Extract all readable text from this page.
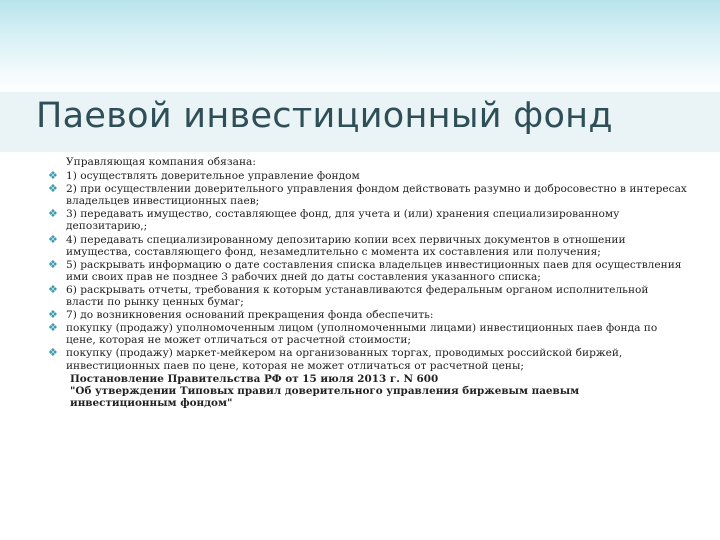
Паевой инвестиционный фонд
Управляющая компания обязана:
❖ 1) осуществлять доверительное управление фондом
❖ 2) при осуществлении доверительного управления фондом действовать разумно и добросовестно в интересах владельцев инвестиционных паев;
❖ 3) передавать имущество, составляющее фонд, для учета и (или) хранения специализированному депозитарию,;
❖ 4) передавать специализированному депозитарию копии всех первичных документов в отношении имущества, составляющего фонд, незамедлительно с момента их составления или получения;
❖ 5) раскрывать информацию о дате составления списка владельцев инвестиционных паев для осуществления ими своих прав не позднее 3 рабочих дней до даты составления указанного списка;
❖ 6) раскрывать отчеты, требования к которым устанавливаются федеральным органом исполнительной власти по рынку ценных бумаг;
❖ 7) до возникновения оснований прекращения фонда обеспечить:
❖ покупку (продажу) уполномоченным лицом (уполномоченными лицами) инвестиционных паев фонда по цене, которая не может отличаться от расчетной стоимости;
❖ покупку (продажу) маркет-мейкером на организованных торгах, проводимых российской биржей, инвестиционных паев по цене, которая не может отличаться от расчетной цены;
Постановление Правительства РФ от 15 июля 2013 г. N 600
"Об утверждении Типовых правил доверительного управления биржевым паевым инвестиционным фондом"
